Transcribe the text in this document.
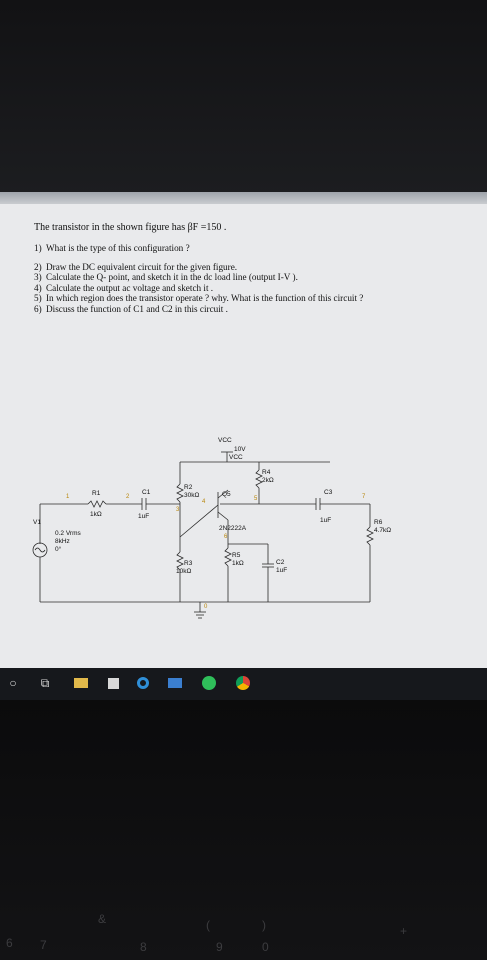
The transistor in the shown figure has βF =150 .

1) What is the type of this configuration ?
2) Draw the DC equivalent circuit for the given figure.
3) Calculate the Q- point, and sketch it in the dc load line (output I-V ).
4) Calculate the output ac voltage and sketch it .
5) In which region does the transistor operate ? why. What is the function of this circuit ?
6) Discuss the function of C1 and C2 in this circuit .
VCC
10V
VCC
R4
2kΩ
R2
30kΩ	C3
1uF
Q5
2N2222A
R1
1kΩ
C1
1uF
R6
4.7kΩ
V1
0.2 Vrms
8kHz
0°
R3
10kΩ
R5
1kΩ	C2
1uF
1	2
3
4	5
6
7
0
○	⧉
6 7	8	9	0
&	(	)	+
